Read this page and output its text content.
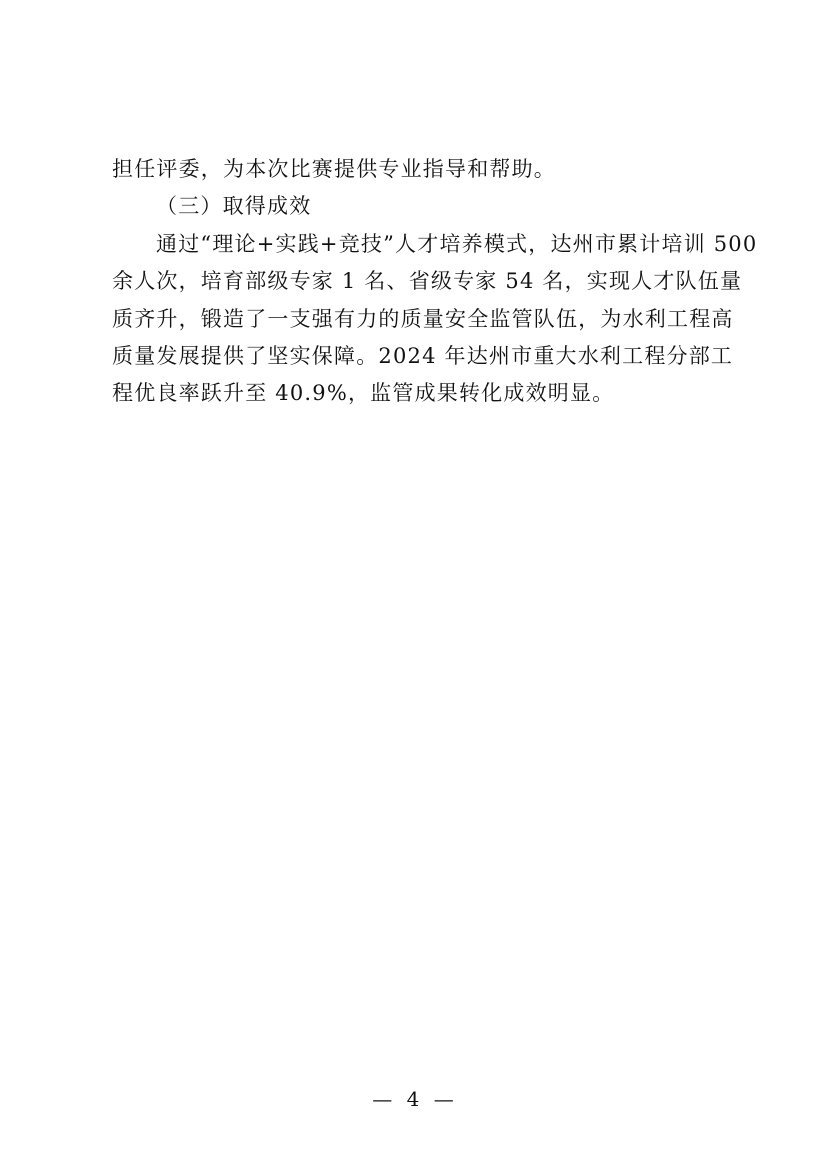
担任评委，为本次比赛提供专业指导和帮助。
（三）取得成效
通过“理论+实践+竞技”人才培养模式，达州市累计培训 500
余人次，培育部级专家 1 名、省级专家 54 名，实现人才队伍量
质齐升，锻造了一支强有力的质量安全监管队伍，为水利工程高
质量发展提供了坚实保障。2024 年达州市重大水利工程分部工
程优良率跃升至 40.9%，监管成果转化成效明显。
— 4 —
